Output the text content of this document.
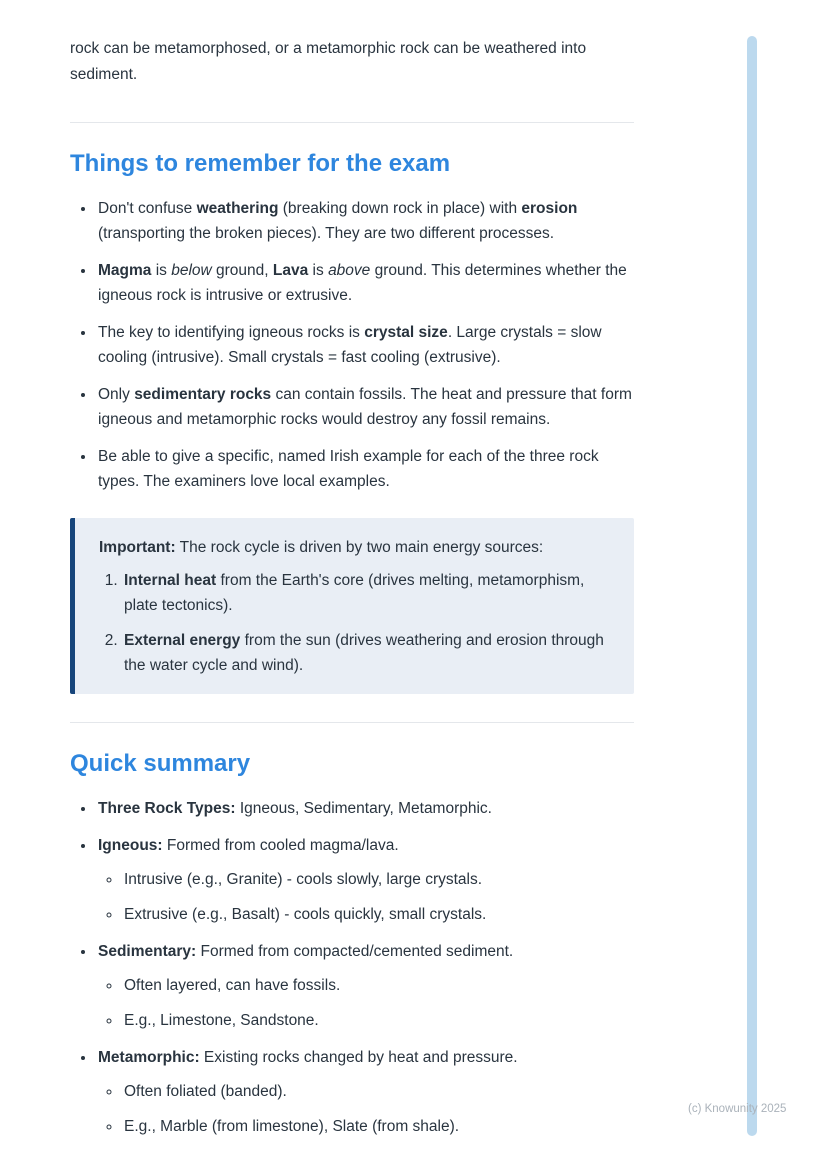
rock can be metamorphosed, or a metamorphic rock can be weathered into sediment.

Things to remember for the exam
• Don't confuse weathering (breaking down rock in place) with erosion (transporting the broken pieces). They are two different processes.
• Magma is below ground, Lava is above ground. This determines whether the igneous rock is intrusive or extrusive.
• The key to identifying igneous rocks is crystal size. Large crystals = slow cooling (intrusive). Small crystals = fast cooling (extrusive).
• Only sedimentary rocks can contain fossils. The heat and pressure that form igneous and metamorphic rocks would destroy any fossil remains.
• Be able to give a specific, named Irish example for each of the three rock types. The examiners love local examples.

Important: The rock cycle is driven by two main energy sources:

1. Internal heat from the Earth's core (drives melting, metamorphism, plate tectonics).
2. External energy from the sun (drives weathering and erosion through the water cycle and wind).
Quick summary
• Three Rock Types: Igneous, Sedimentary, Metamorphic.
• Igneous: Formed from cooled magma/lava.
◦ Intrusive (e.g., Granite) - cools slowly, large crystals.
◦ Extrusive (e.g., Basalt) - cools quickly, small crystals.
• Sedimentary: Formed from compacted/cemented sediment.
◦ Often layered, can have fossils.
◦ E.g., Limestone, Sandstone.
• Metamorphic: Existing rocks changed by heat and pressure.
◦ Often foliated (banded).
◦ E.g., Marble (from limestone), Slate (from shale).
(c) Knowunity 2025
